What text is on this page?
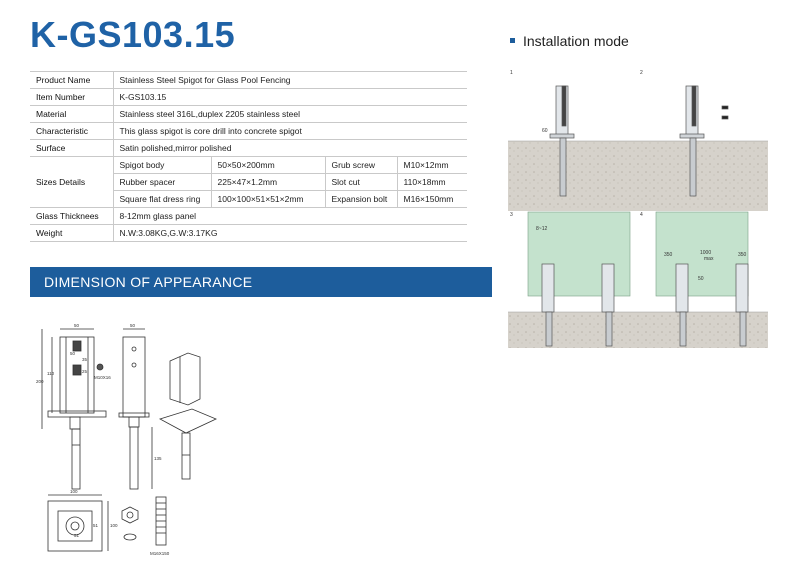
K-GS103.15
Product Name	Stainless Steel Spigot for Glass Pool Fencing			
Item Number	K-GS103.15			
Material	Stainless steel 316L,duplex 2205 stainless steel			
Characteristic	This glass spigot is core drill into concrete spigot			
Surface	Satin polished,mirror polished			
Sizes Details	Spigot body	50×50×200mm	Grub screw	M10×12mm
	Rubber spacer	225×47×1.2mm	Slot cut	110×18mm
	Square flat dress ring	100×100×51×51×2mm	Expansion bolt	M16×150mm
Glass Thicknees	8-12mm glass panel			
Weight	N.W:3.08KG,G.W:3.17KG			
DIMENSION OF APPEARANCE
Installation mode
50	50
50
200
110
35
25
100
51
51	100
135
M10X16
M16X150
1	2
3	4
60
8~12
350	1000
max
350
50
